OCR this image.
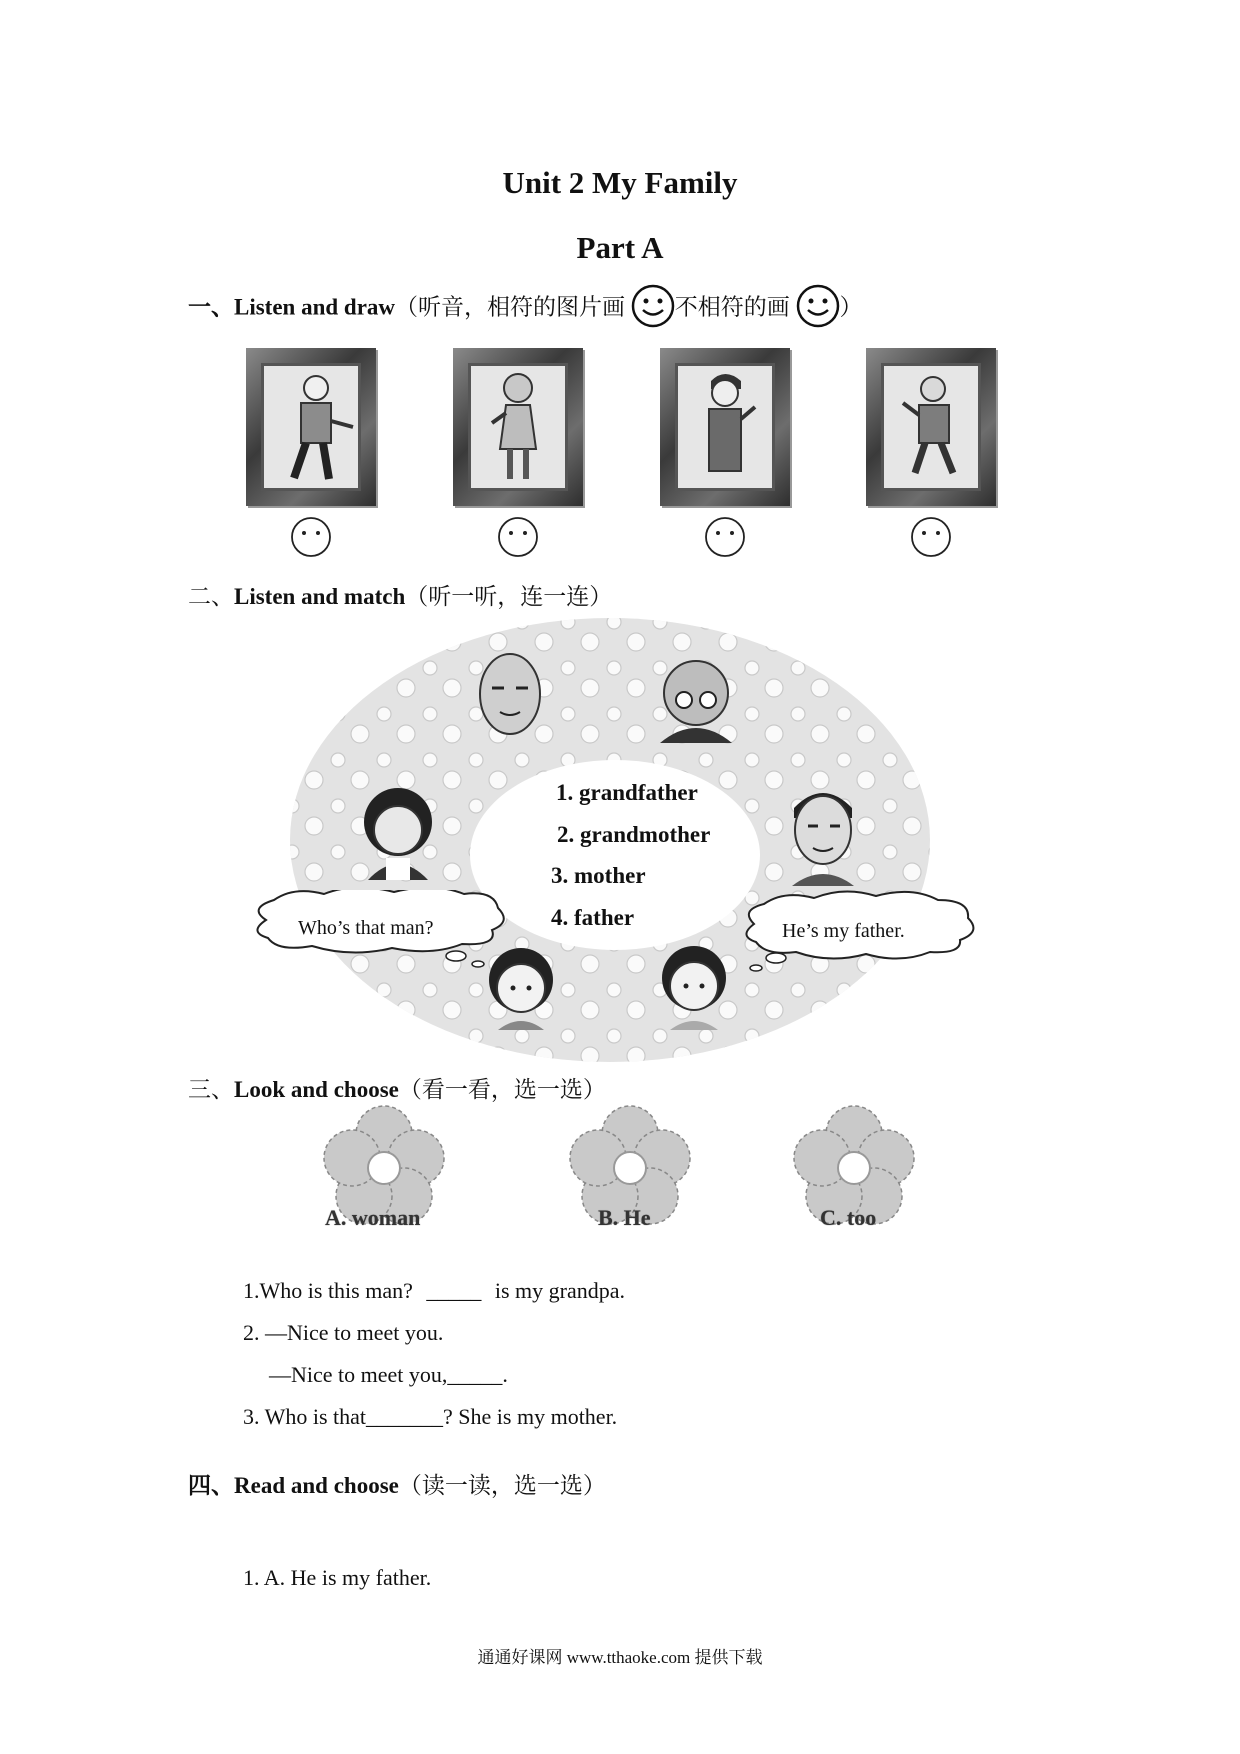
Unit 2 My Family
Part A
一、Listen and draw（听音，相符的图片画 不相符的画 ）
二、Listen and match（听一听，连一连）
Who’s that man?	He’s my father.
1. grandfather
2. grandmother
3. mother
4. father
三、Look and choose（看一看，选一选）
A. woman	B. He	C. too
1.Who is this man? _____ is my grandpa.
2. —Nice to meet you.
—Nice to meet you,_____.
3. Who is that_______? She is my mother.
四、Read and choose（读一读，选一选）
1. A. He is my father.
通通好课网 www.tthaoke.com 提供下载
